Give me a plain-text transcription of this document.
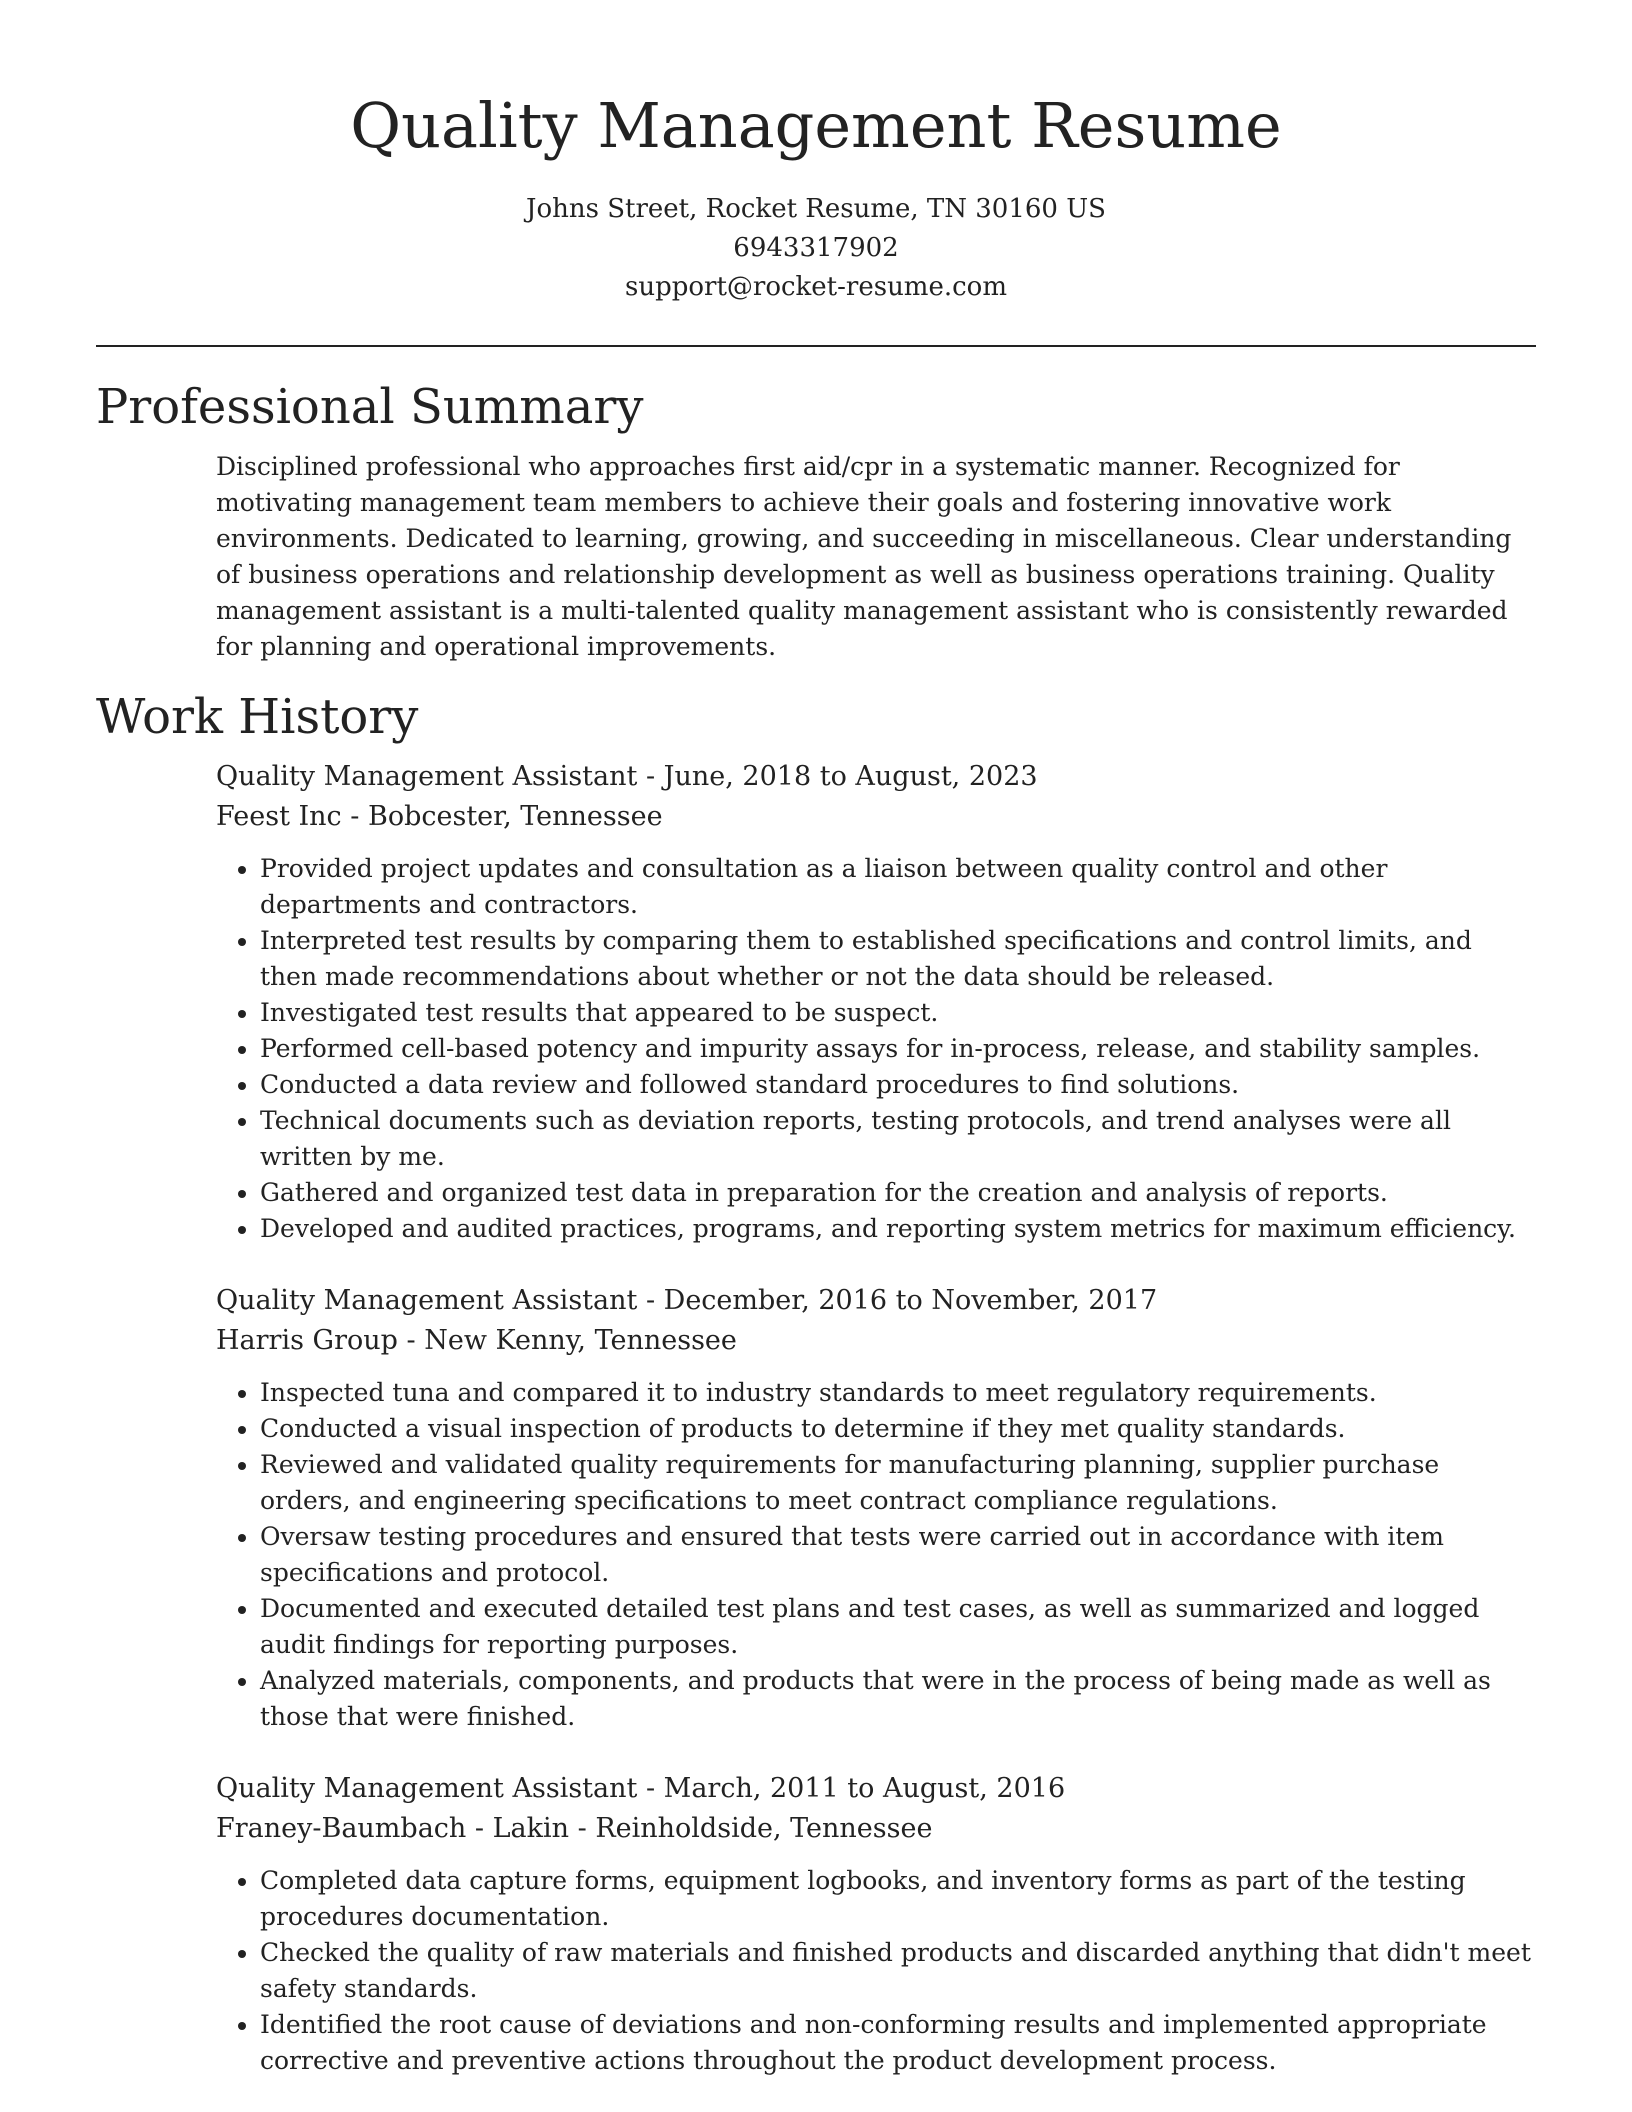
Quality Management Resume
Johns Street, Rocket Resume, TN 30160 US
6943317902
support@rocket-resume.com
Professional Summary
Disciplined professional who approaches first aid/cpr in a systematic manner. Recognized for motivating management team members to achieve their goals and fostering innovative work environments. Dedicated to learning, growing, and succeeding in miscellaneous. Clear understanding of business operations and relationship development as well as business operations training. Quality management assistant is a multi-talented quality management assistant who is consistently rewarded for planning and operational improvements.
Work History
Quality Management Assistant - June, 2018 to August, 2023
Feest Inc - Bobcester, Tennessee
• Provided project updates and consultation as a liaison between quality control and other departments and contractors.
• Interpreted test results by comparing them to established specifications and control limits, and then made recommendations about whether or not the data should be released.
• Investigated test results that appeared to be suspect.
• Performed cell-based potency and impurity assays for in-process, release, and stability samples.
• Conducted a data review and followed standard procedures to find solutions.
• Technical documents such as deviation reports, testing protocols, and trend analyses were all written by me.
• Gathered and organized test data in preparation for the creation and analysis of reports.
• Developed and audited practices, programs, and reporting system metrics for maximum efficiency.
Quality Management Assistant - December, 2016 to November, 2017
Harris Group - New Kenny, Tennessee
• Inspected tuna and compared it to industry standards to meet regulatory requirements.
• Conducted a visual inspection of products to determine if they met quality standards.
• Reviewed and validated quality requirements for manufacturing planning, supplier purchase orders, and engineering specifications to meet contract compliance regulations.
• Oversaw testing procedures and ensured that tests were carried out in accordance with item specifications and protocol.
• Documented and executed detailed test plans and test cases, as well as summarized and logged audit findings for reporting purposes.
• Analyzed materials, components, and products that were in the process of being made as well as those that were finished.
Quality Management Assistant - March, 2011 to August, 2016
Franey-Baumbach - Lakin - Reinholdside, Tennessee
• Completed data capture forms, equipment logbooks, and inventory forms as part of the testing procedures documentation.
• Checked the quality of raw materials and finished products and discarded anything that didn't meet safety standards.
• Identified the root cause of deviations and non-conforming results and implemented appropriate corrective and preventive actions throughout the product development process.
